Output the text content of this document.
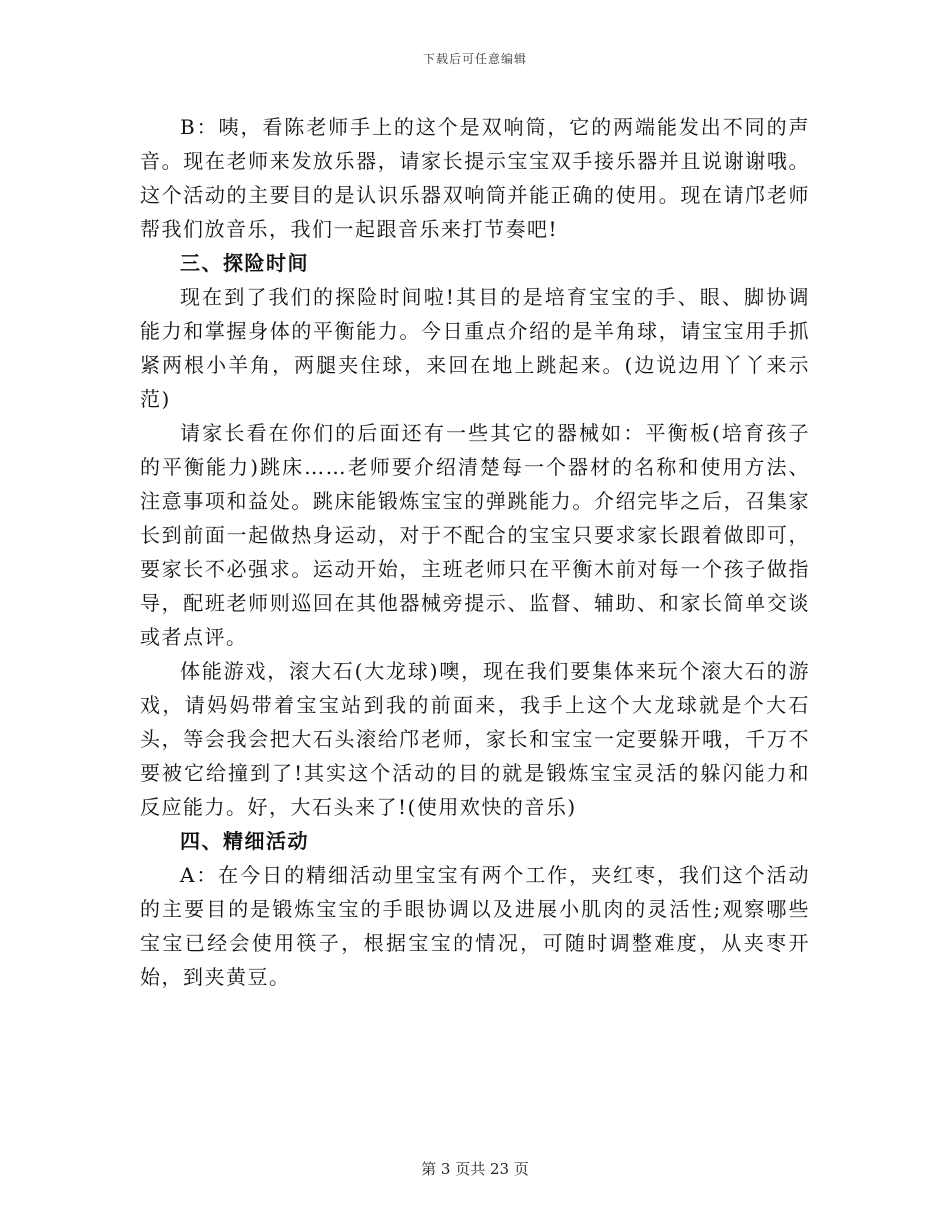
下载后可任意编辑

B：咦，看陈老师手上的这个是双响筒，它的两端能发出不同的声音。现在老师来发放乐器，请家长提示宝宝双手接乐器并且说谢谢哦。这个活动的主要目的是认识乐器双响筒并能正确的使用。现在请邝老师帮我们放音乐，我们一起跟音乐来打节奏吧!

三、探险时间

现在到了我们的探险时间啦!其目的是培育宝宝的手、眼、脚协调能力和掌握身体的平衡能力。今日重点介绍的是羊角球，请宝宝用手抓紧两根小羊角，两腿夹住球，来回在地上跳起来。(边说边用丫丫来示范)

请家长看在你们的后面还有一些其它的器械如：平衡板(培育孩子的平衡能力)跳床……老师要介绍清楚每一个器材的名称和使用方法、注意事项和益处。跳床能锻炼宝宝的弹跳能力。介绍完毕之后，召集家长到前面一起做热身运动，对于不配合的宝宝只要求家长跟着做即可，要家长不必强求。运动开始，主班老师只在平衡木前对每一个孩子做指导，配班老师则巡回在其他器械旁提示、监督、辅助、和家长简单交谈或者点评。

体能游戏，滚大石(大龙球)噢，现在我们要集体来玩个滚大石的游戏，请妈妈带着宝宝站到我的前面来，我手上这个大龙球就是个大石头，等会我会把大石头滚给邝老师，家长和宝宝一定要躲开哦，千万不要被它给撞到了!其实这个活动的目的就是锻炼宝宝灵活的躲闪能力和反应能力。好，大石头来了!(使用欢快的音乐)

四、精细活动

A：在今日的精细活动里宝宝有两个工作，夹红枣，我们这个活动的主要目的是锻炼宝宝的手眼协调以及进展小肌肉的灵活性;观察哪些宝宝已经会使用筷子，根据宝宝的情况，可随时调整难度，从夹枣开始，到夹黄豆。

第 3 页共 23 页
